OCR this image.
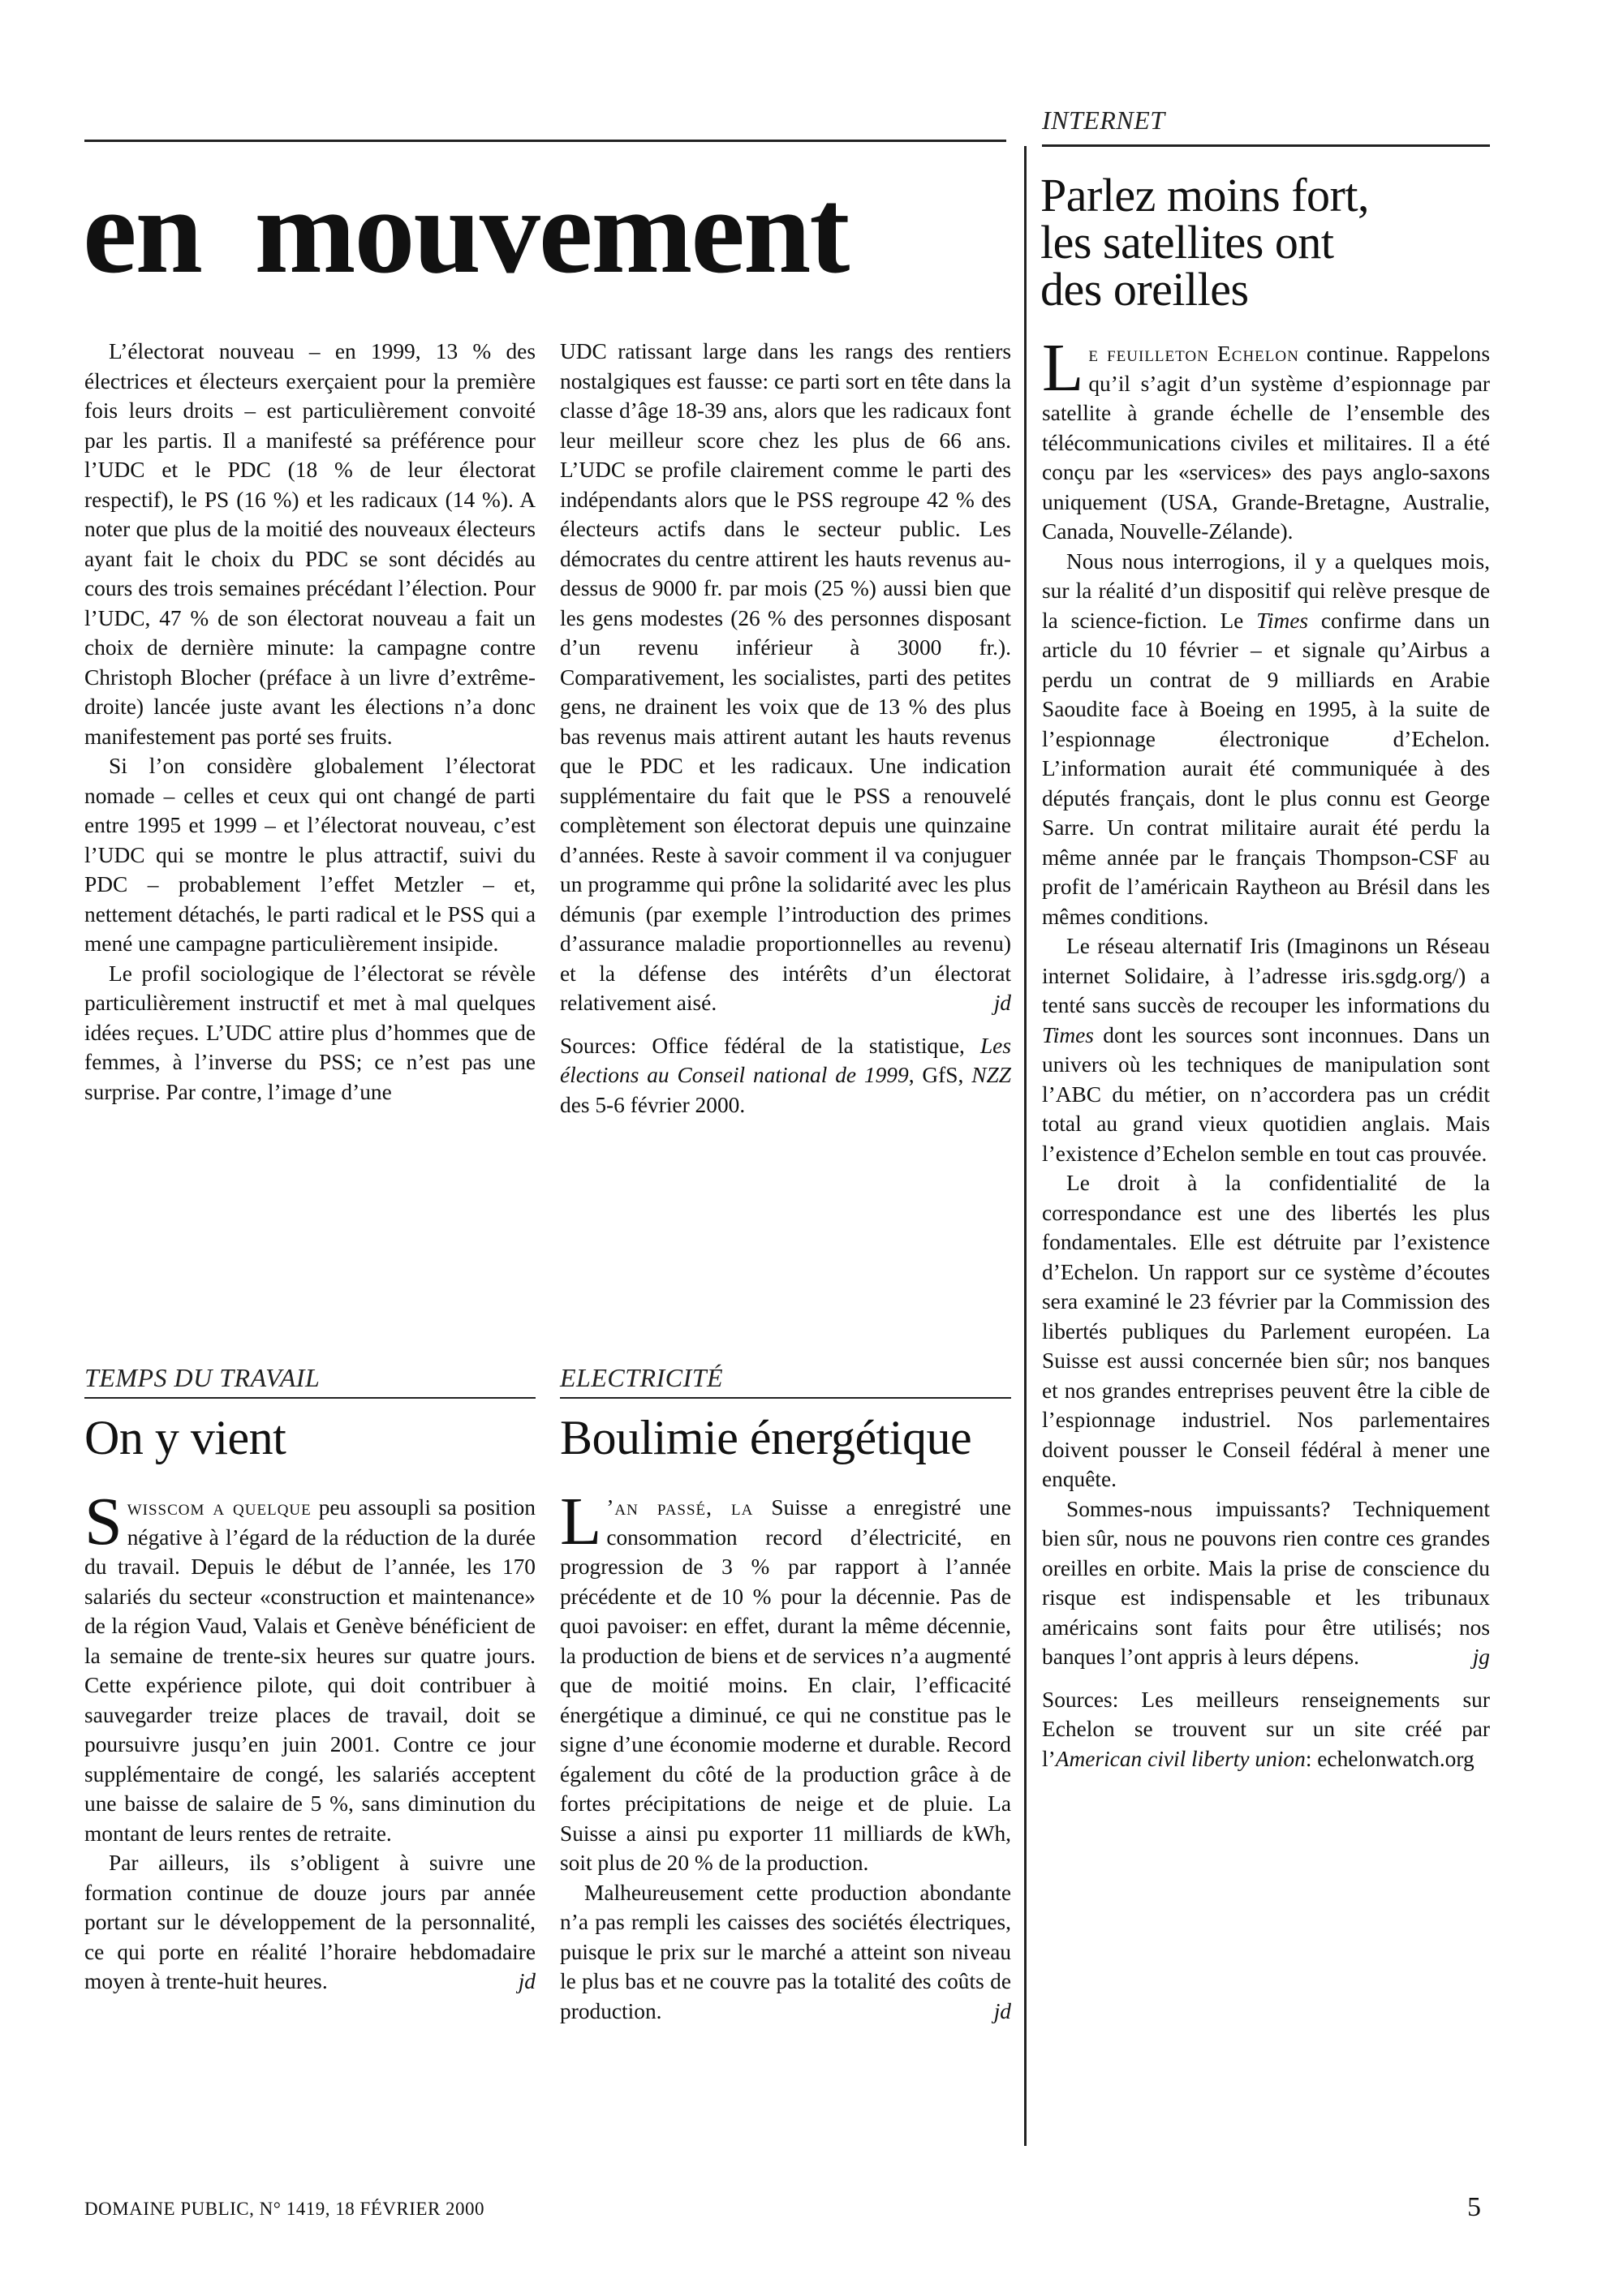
en mouvement

L’électorat nouveau – en 1999, 13 % des électrices et électeurs exerçaient pour la première fois leurs droits – est particulièrement convoité par les partis. Il a manifesté sa préférence pour l’UDC et le PDC (18 % de leur électorat respectif), le PS (16 %) et les radicaux (14 %). A noter que plus de la moitié des nouveaux électeurs ayant fait le choix du PDC se sont décidés au cours des trois semaines précédant l’élection. Pour l’UDC, 47 % de son électorat nouveau a fait un choix de dernière minute: la campagne contre Christoph Blocher (préface à un livre d’extrême-droite) lancée juste avant les élections n’a donc manifestement pas porté ses fruits.

Si l’on considère globalement l’électorat nomade – celles et ceux qui ont changé de parti entre 1995 et 1999 – et l’électorat nouveau, c’est l’UDC qui se montre le plus attractif, suivi du PDC – probablement l’effet Metzler – et, nettement détachés, le parti radical et le PSS qui a mené une campagne particulièrement insipide.

Le profil sociologique de l’électorat se révèle particulièrement instructif et met à mal quelques idées reçues. L’UDC attire plus d’hommes que de femmes, à l’inverse du PSS; ce n’est pas une surprise. Par contre, l’image d’une

UDC ratissant large dans les rangs des rentiers nostalgiques est fausse: ce parti sort en tête dans la classe d’âge 18-39 ans, alors que les radicaux font leur meilleur score chez les plus de 66 ans. L’UDC se profile clairement comme le parti des indépendants alors que le PSS regroupe 42 % des électeurs actifs dans le secteur public. Les démocrates du centre attirent les hauts revenus au-dessus de 9000 fr. par mois (25 %) aussi bien que les gens modestes (26 % des personnes disposant d’un revenu inférieur à 3000 fr.). Comparativement, les socialistes, parti des petites gens, ne drainent les voix que de 13 % des plus bas revenus mais attirent autant les hauts revenus que le PDC et les radicaux. Une indication supplémentaire du fait que le PSS a renouvelé complètement son électorat depuis une quinzaine d’années. Reste à savoir comment il va conjuguer un programme qui prône la solidarité avec les plus démunis (par exemple l’introduction des primes d’assurance maladie proportionnelles au revenu) et la défense des intérêts d’un électorat relativement aisé.	jd

Sources: Office fédéral de la statistique, Les élections au Conseil national de 1999, GfS, NZZ des 5-6 février 2000.

INTERNET
Parlez moins fort,
les satellites ont
des oreilles

Le feuilleton Echelon continue. Rappelons qu’il s’agit d’un système d’espionnage par satellite à grande échelle de l’ensemble des télécommunications civiles et militaires. Il a été conçu par les «services» des pays anglo-saxons uniquement (USA, Grande-Bretagne, Australie, Canada, Nouvelle-Zélande).

Nous nous interrogions, il y a quelques mois, sur la réalité d’un dispositif qui relève presque de la science-fiction. Le Times confirme dans un article du 10 février – et signale qu’Airbus a perdu un contrat de 9 milliards en Arabie Saoudite face à Boeing en 1995, à la suite de l’espionnage électronique d’Echelon. L’information aurait été communiquée à des députés français, dont le plus connu est George Sarre. Un contrat militaire aurait été perdu la même année par le français Thompson-CSF au profit de l’américain Raytheon au Brésil dans les mêmes conditions.

Le réseau alternatif Iris (Imaginons un Réseau internet Solidaire, à l’adresse iris.sgdg.org/) a tenté sans succès de recouper les informations du Times dont les sources sont inconnues. Dans un univers où les techniques de manipulation sont l’ABC du métier, on n’accordera pas un crédit total au grand vieux quotidien anglais. Mais l’existence d’Echelon semble en tout cas prouvée.

Le droit à la confidentialité de la correspondance est une des libertés les plus fondamentales. Elle est détruite par l’existence d’Echelon. Un rapport sur ce système d’écoutes sera examiné le 23 février par la Commission des libertés publiques du Parlement européen. La Suisse est aussi concernée bien sûr; nos banques et nos grandes entreprises peuvent être la cible de l’espionnage industriel. Nos parlementaires doivent pousser le Conseil fédéral à mener une enquête.

Sommes-nous impuissants? Techniquement bien sûr, nous ne pouvons rien contre ces grandes oreilles en orbite. Mais la prise de conscience du risque est indispensable et les tribunaux américains sont faits pour être utilisés; nos banques l’ont appris à leurs dépens.	jg

Sources: Les meilleurs renseignements sur Echelon se trouvent sur un site créé par l’American civil liberty union: echelonwatch.org

TEMPS DU TRAVAIL
On y vient

Swisscom a quelque peu assoupli sa position négative à l’égard de la réduction de la durée du travail. Depuis le début de l’année, les 170 salariés du secteur «construction et maintenance» de la région Vaud, Valais et Genève bénéficient de la semaine de trente-six heures sur quatre jours. Cette expérience pilote, qui doit contribuer à sauvegarder treize places de travail, doit se poursuivre jusqu’en juin 2001. Contre ce jour supplémentaire de congé, les salariés acceptent une baisse de salaire de 5 %, sans diminution du montant de leurs rentes de retraite.

Par ailleurs, ils s’obligent à suivre une formation continue de douze jours par année portant sur le développement de la personnalité, ce qui porte en réalité l’horaire hebdomadaire moyen à trente-huit heures.	jd

ELECTRICITÉ
Boulimie énergétique

L ’an passé, la Suisse a enregistré une consommation record d’électricité, en progression de 3 % par rapport à l’année précédente et de 10 % pour la décennie. Pas de quoi pavoiser: en effet, durant la même décennie, la production de biens et de services n’a augmenté que de moitié moins. En clair, l’efficacité énergétique a diminué, ce qui ne constitue pas le signe d’une économie moderne et durable. Record également du côté de la production grâce à de fortes précipitations de neige et de pluie. La Suisse a ainsi pu exporter 11 milliards de kWh, soit plus de 20 % de la production.

Malheureusement cette production abondante n’a pas rempli les caisses des sociétés électriques, puisque le prix sur le marché a atteint son niveau le plus bas et ne couvre pas la totalité des coûts de production.	jd

DOMAINE PUBLIC, N° 1419, 18 FÉVRIER 2000	5
